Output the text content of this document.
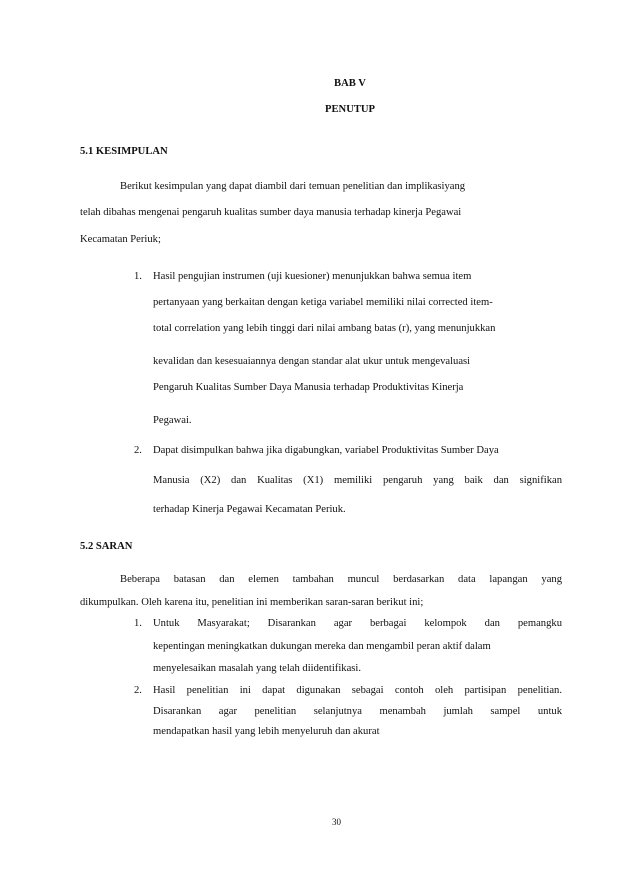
BAB V
PENUTUP
5.1 KESIMPULAN
Berikut kesimpulan yang dapat diambil dari temuan penelitian dan implikasiyang
telah dibahas mengenai pengaruh kualitas sumber daya manusia terhadap kinerja Pegawai
Kecamatan Periuk;
1. Hasil pengujian instrumen (uji kuesioner) menunjukkan bahwa semua item
pertanyaan yang berkaitan dengan ketiga variabel memiliki nilai corrected item-
total correlation yang lebih tinggi dari nilai ambang batas (r), yang menunjukkan
kevalidan dan kesesuaiannya dengan standar alat ukur untuk mengevaluasi
Pengaruh Kualitas Sumber Daya Manusia terhadap Produktivitas Kinerja
Pegawai.
2. Dapat disimpulkan bahwa jika digabungkan, variabel Produktivitas Sumber Daya
Manusia (X2) dan Kualitas (X1) memiliki pengaruh yang baik dan signifikan
terhadap Kinerja Pegawai Kecamatan Periuk.
5.2 SARAN
Beberapa batasan dan elemen tambahan muncul berdasarkan data lapangan yang
dikumpulkan. Oleh karena itu, penelitian ini memberikan saran-saran berikut ini;
1. Untuk Masyarakat; Disarankan agar berbagai kelompok dan pemangku
kepentingan meningkatkan dukungan mereka dan mengambil peran aktif dalam
menyelesaikan masalah yang telah diidentifikasi.
2. Hasil penelitian ini dapat digunakan sebagai contoh oleh partisipan penelitian.
Disarankan agar penelitian selanjutnya menambah jumlah sampel untuk
mendapatkan hasil yang lebih menyeluruh dan akurat
30
